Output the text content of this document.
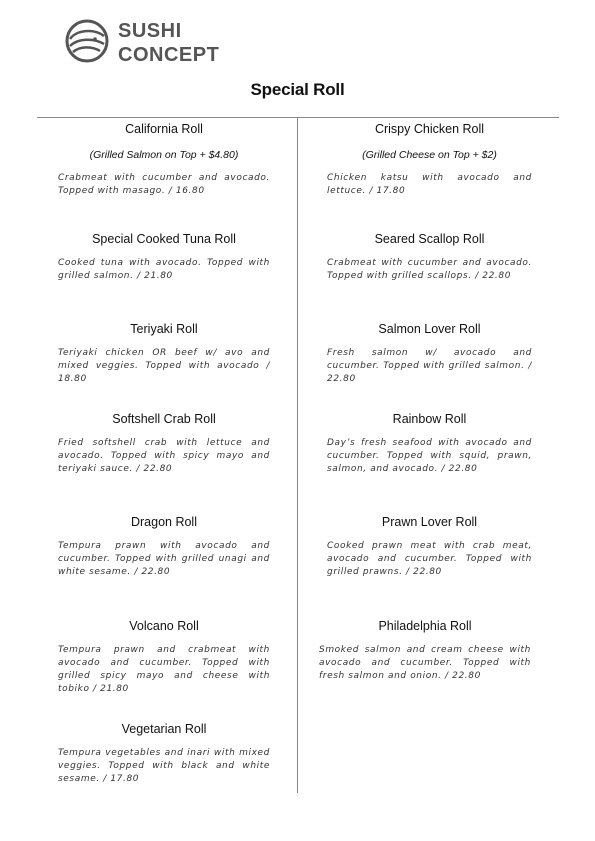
SUSHI
CONCEPT
Special Roll
California Roll
(Grilled Salmon on Top + $4.80)
Crabmeat with cucumber and avocado. Topped with masago. / 16.80
Special Cooked Tuna Roll
Cooked tuna with avocado. Topped with grilled salmon. / 21.80
Teriyaki Roll
Teriyaki chicken OR beef w/ avo and mixed veggies. Topped with avocado / 18.80
Softshell Crab Roll
Fried softshell crab with lettuce and avocado. Topped with spicy mayo and teriyaki sauce. / 22.80
Dragon Roll
Tempura prawn with avocado and cucumber. Topped with grilled unagi and white sesame. / 22.80
Volcano Roll
Tempura prawn and crabmeat with avocado and cucumber. Topped with grilled spicy mayo and cheese with tobiko / 21.80
Vegetarian Roll
Tempura vegetables and inari with mixed veggies. Topped with black and white sesame. / 17.80
Crispy Chicken Roll
(Grilled Cheese on Top + $2)
Chicken katsu with avocado and lettuce. / 17.80
Seared Scallop Roll
Crabmeat with cucumber and avocado. Topped with grilled scallops. / 22.80
Salmon Lover Roll
Fresh salmon w/ avocado and cucumber. Topped with grilled salmon. / 22.80
Rainbow Roll
Day’s fresh seafood with avocado and cucumber. Topped with squid, prawn, salmon, and avocado. / 22.80
Prawn Lover Roll
Cooked prawn meat with crab meat, avocado and cucumber. Topped with grilled prawns. / 22.80
Philadelphia Roll
Smoked salmon and cream cheese with avocado and cucumber. Topped with fresh salmon and onion. / 22.80
